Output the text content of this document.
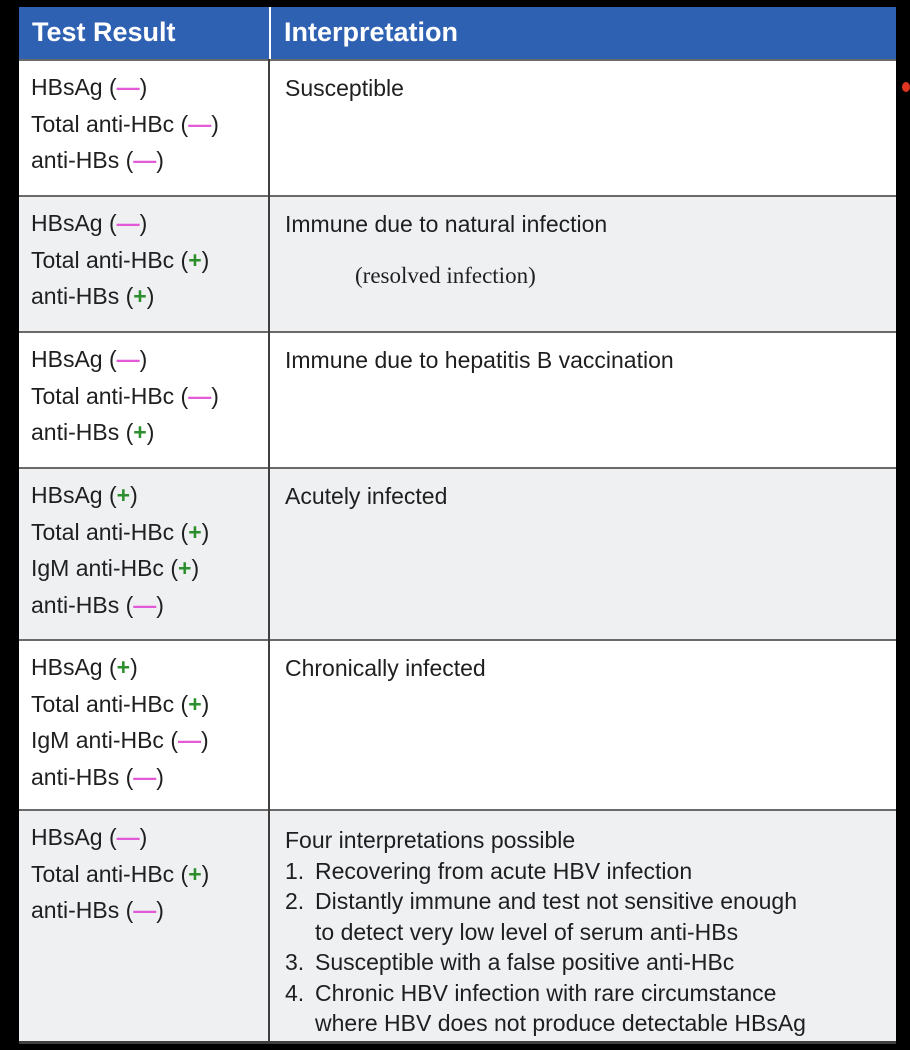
Test Result	Interpretation
HBsAg (—)
Total anti-HBc (—)
anti-HBs (—)
Susceptible
HBsAg (—)
Total anti-HBc (+)
anti-HBs (+)
Immune due to natural infection
(resolved infection)
HBsAg (—)
Total anti-HBc (—)
anti-HBs (+)
Immune due to hepatitis B vaccination
HBsAg (+)
Total anti-HBc (+)
IgM anti-HBc (+)
anti-HBs (—)
Acutely infected
HBsAg (+)
Total anti-HBc (+)
IgM anti-HBc (—)
anti-HBs (—)
Chronically infected
HBsAg (—)
Total anti-HBc (+)
anti-HBs (—)
Four interpretations possible
1. Recovering from acute HBV infection
2. Distantly immune and test not sensitive enough
to detect very low level of serum anti-HBs
3. Susceptible with a false positive anti-HBc
4. Chronic HBV infection with rare circumstance
where HBV does not produce detectable HBsAg
